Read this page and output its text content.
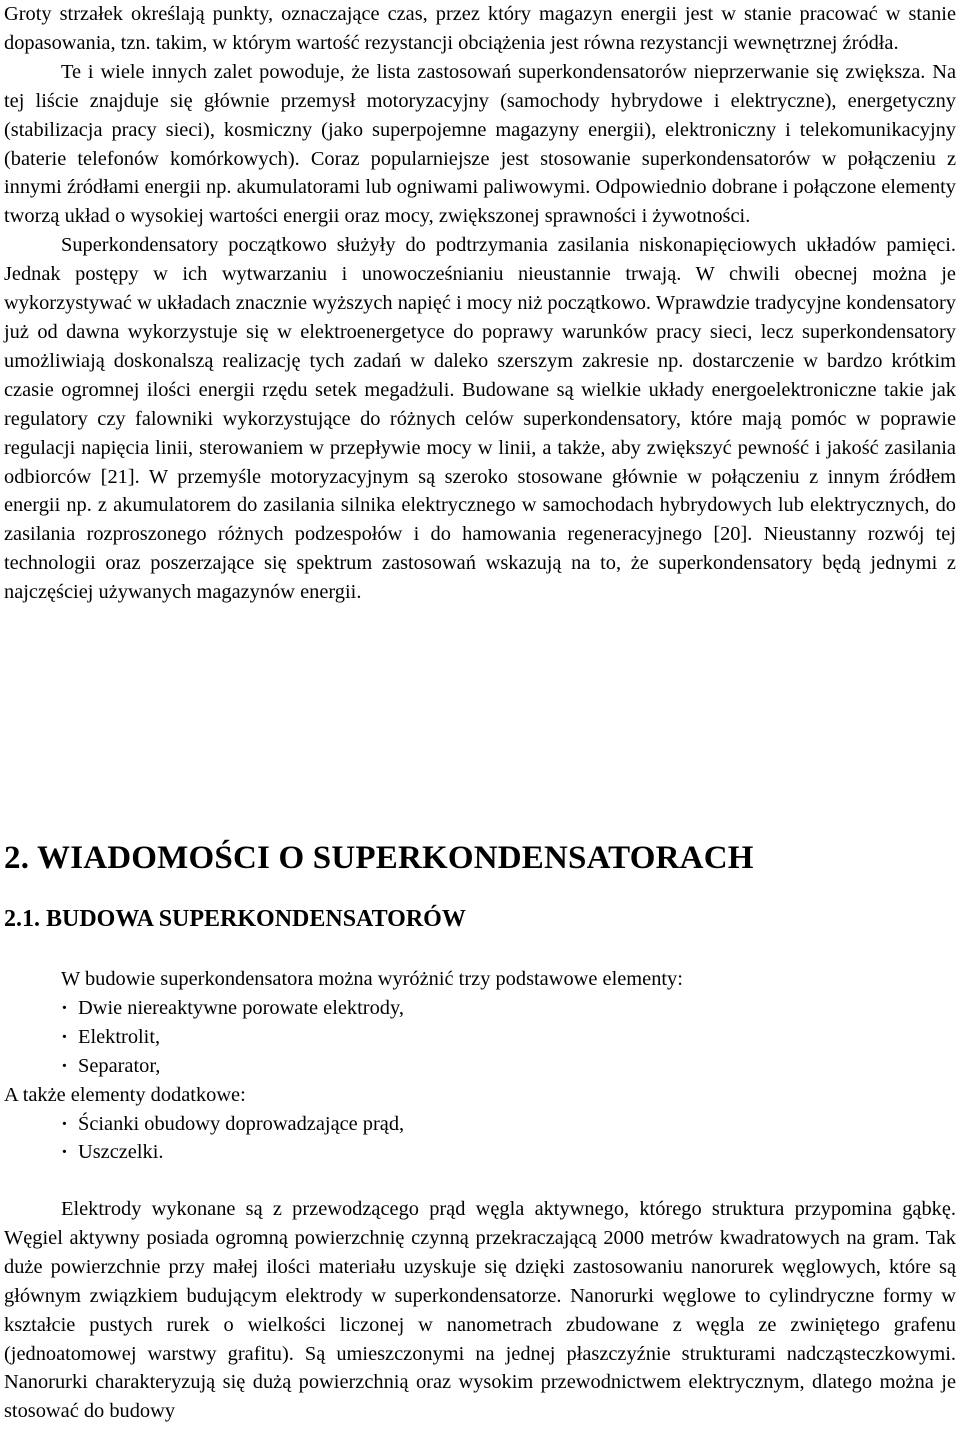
Groty strzałek określają punkty, oznaczające czas, przez który magazyn energii jest w stanie pracować w stanie dopasowania, tzn. takim, w którym wartość rezystancji obciążenia jest równa rezystancji wewnętrznej źródła.

Te i wiele innych zalet powoduje, że lista zastosowań superkondensatorów nieprzerwanie się zwiększa. Na tej liście znajduje się głównie przemysł motoryzacyjny (samochody hybrydowe i elektryczne), energetyczny (stabilizacja pracy sieci), kosmiczny (jako superpojemne magazyny energii), elektroniczny i telekomunikacyjny (baterie telefonów komórkowych). Coraz popularniejsze jest stosowanie superkondensatorów w połączeniu z innymi źródłami energii np. akumulatorami lub ogniwami paliwowymi. Odpowiednio dobrane i połączone elementy tworzą układ o wysokiej wartości energii oraz mocy, zwiększonej sprawności i żywotności.

Superkondensatory początkowo służyły do podtrzymania zasilania niskonapięciowych układów pamięci. Jednak postępy w ich wytwarzaniu i unowocześnianiu nieustannie trwają. W chwili obecnej można je wykorzystywać w układach znacznie wyższych napięć i mocy niż początkowo. Wprawdzie tradycyjne kondensatory już od dawna wykorzystuje się w elektroenergetyce do poprawy warunków pracy sieci, lecz superkondensatory umożliwiają doskonalszą realizację tych zadań w daleko szerszym zakresie np. dostarczenie w bardzo krótkim czasie ogromnej ilości energii rzędu setek megadżuli. Budowane są wielkie układy energoelektroniczne takie jak regulatory czy falowniki wykorzystujące do różnych celów superkondensatory, które mają pomóc w poprawie regulacji napięcia linii, sterowaniem w przepływie mocy w linii, a także, aby zwiększyć pewność i jakość zasilania odbiorców [21]. W przemyśle motoryzacyjnym są szeroko stosowane głównie w połączeniu z innym źródłem energii np. z akumulatorem do zasilania silnika elektrycznego w samochodach hybrydowych lub elektrycznych, do zasilania rozproszonego różnych podzespołów i do hamowania regeneracyjnego [20]. Nieustanny rozwój tej technologii oraz poszerzające się spektrum zastosowań wskazują na to, że superkondensatory będą jednymi z najczęściej używanych magazynów energii.

2. WIADOMOŚCI O SUPERKONDENSATORACH
2.1. BUDOWA SUPERKONDENSATORÓW
W budowie superkondensatora można wyróżnić trzy podstawowe elementy:
· Dwie niereaktywne porowate elektrody,
· Elektrolit,
· Separator,
A także elementy dodatkowe:
· Ścianki obudowy doprowadzające prąd,
· Uszczelki.

Elektrody wykonane są z przewodzącego prąd węgla aktywnego, którego struktura przypomina gąbkę. Węgiel aktywny posiada ogromną powierzchnię czynną przekraczającą 2000 metrów kwadratowych na gram. Tak duże powierzchnie przy małej ilości materiału uzyskuje się dzięki zastosowaniu nanorurek węglowych, które są głównym związkiem budującym elektrody w superkondensatorze. Nanorurki węglowe to cylindryczne formy w kształcie pustych rurek o wielkości liczonej w nanometrach zbudowane z węgla ze zwiniętego grafenu (jednoatomowej warstwy grafitu). Są umieszczonymi na jednej płaszczyźnie strukturami nadcząsteczkowymi. Nanorurki charakteryzują się dużą powierzchnią oraz wysokim przewodnictwem elektrycznym, dlatego można je stosować do budowy
